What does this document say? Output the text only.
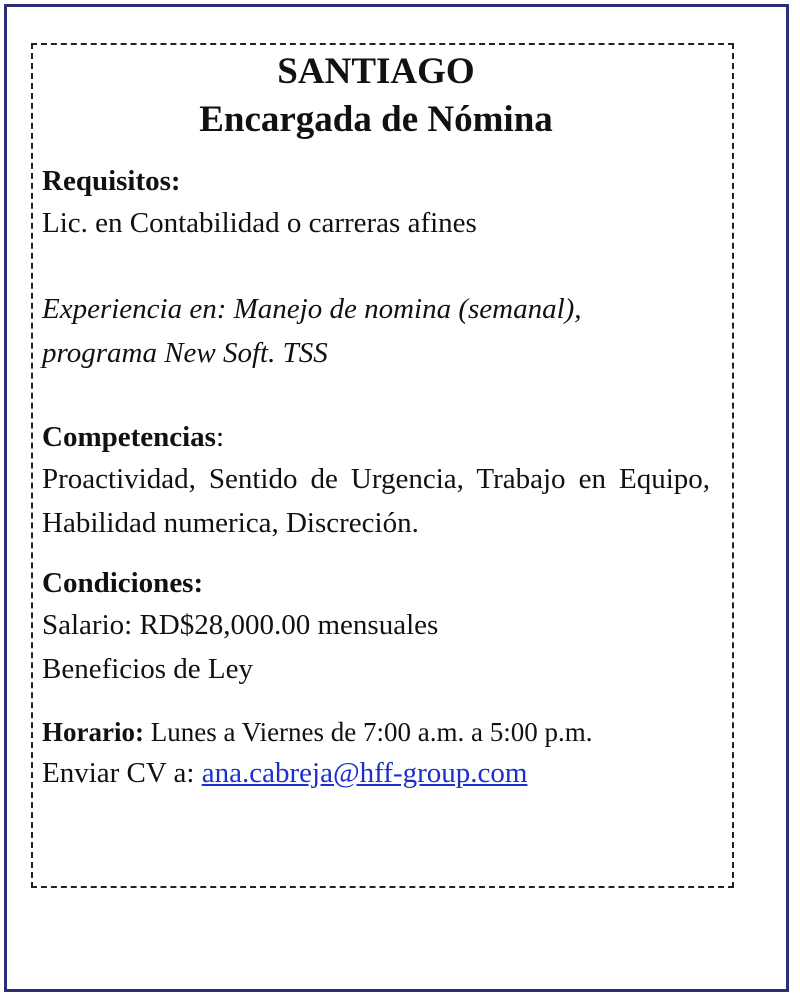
SANTIAGO

Encargada de Nómina

Requisitos:

Lic. en Contabilidad o carreras afines

Experiencia en: Manejo de nomina (semanal),

programa New Soft. TSS

Competencias:

Proactividad, Sentido de Urgencia, Trabajo en Equipo, Habilidad numerica, Discreción.

Condiciones:

Salario: RD$28,000.00 mensuales

Beneficios de Ley

Horario: Lunes a Viernes de 7:00 a.m. a 5:00 p.m.

Enviar CV a: ana.cabreja@hff-group.com
